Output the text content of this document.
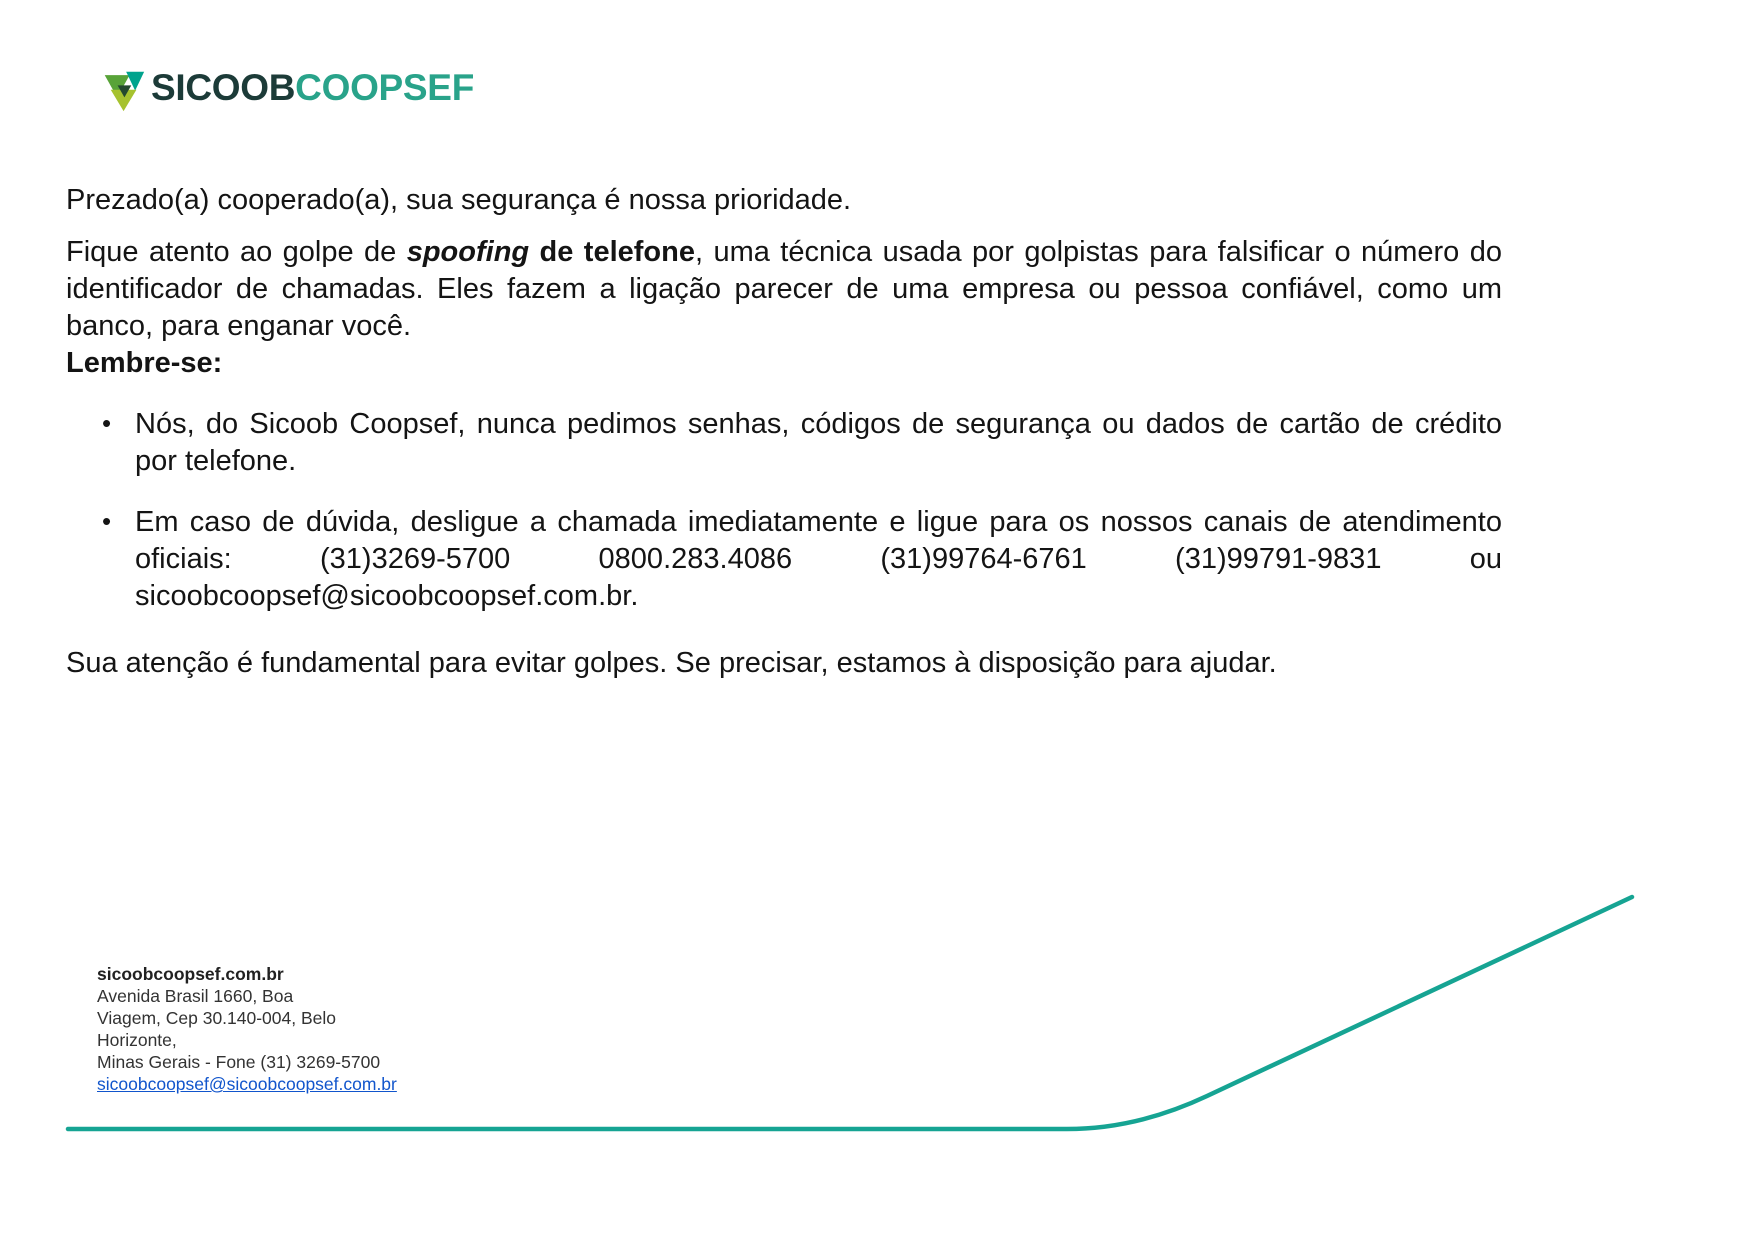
SICOOBCOOPSEF

Prezado(a) cooperado(a), sua segurança é nossa prioridade.

Fique atento ao golpe de spoofing de telefone, uma técnica usada por golpistas para falsificar o número do identificador de chamadas. Eles fazem a ligação parecer de uma empresa ou pessoa confiável, como um banco, para enganar você.

Lembre-se:

• Nós, do Sicoob Coopsef, nunca pedimos senhas, códigos de segurança ou dados de cartão de crédito por telefone.
• Em caso de dúvida, desligue a chamada imediatamente e ligue para os nossos canais de atendimento oficiais: (31)3269-5700 0800.283.4086 (31)99764-6761 (31)99791-9831 ou sicoobcoopsef@sicoobcoopsef.com.br.

Sua atenção é fundamental para evitar golpes. Se precisar, estamos à disposição para ajudar.

sicoobcoopsef.com.br
Avenida Brasil 1660, Boa
Viagem, Cep 30.140-004, Belo
Horizonte,
Minas Gerais - Fone (31) 3269-5700
sicoobcoopsef@sicoobcoopsef.com.br
